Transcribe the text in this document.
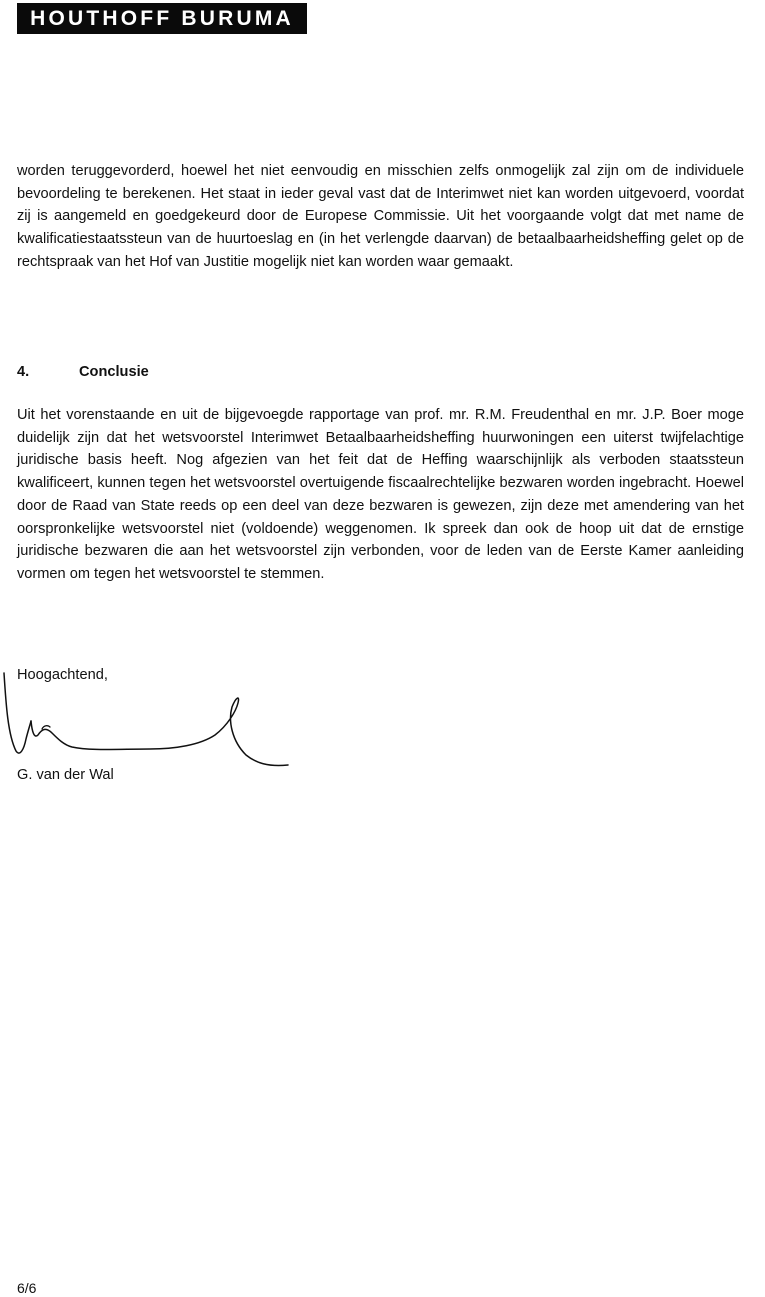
HOUTHOFF BURUMA

worden teruggevorderd, hoewel het niet eenvoudig en misschien zelfs onmogelijk zal zijn om de individuele bevoordeling te berekenen. Het staat in ieder geval vast dat de Interimwet niet kan worden uitgevoerd, voordat zij is aangemeld en goedgekeurd door de Europese Commissie. Uit het voorgaande volgt dat met name de kwalificatiestaatssteun van de huurtoeslag en (in het verlengde daarvan) de betaalbaarheidsheffing gelet op de rechtspraak van het Hof van Justitie mogelijk niet kan worden waar gemaakt.

4.	Conclusie

Uit het vorenstaande en uit de bijgevoegde rapportage van prof. mr. R.M. Freudenthal en mr. J.P. Boer moge duidelijk zijn dat het wetsvoorstel Interimwet Betaalbaarheidsheffing huurwoningen een uiterst twijfelachtige juridische basis heeft. Nog afgezien van het feit dat de Heffing waarschijnlijk als verboden staatssteun kwalificeert, kunnen tegen het wetsvoorstel overtuigende fiscaalrechtelijke bezwaren worden ingebracht. Hoewel door de Raad van State reeds op een deel van deze bezwaren is gewezen, zijn deze met amendering van het oorspronkelijke wetsvoorstel niet (voldoende) weggenomen. Ik spreek dan ook de hoop uit dat de ernstige juridische bezwaren die aan het wetsvoorstel zijn verbonden, voor de leden van de Eerste Kamer aanleiding vormen om tegen het wetsvoorstel te stemmen.

Hoogachtend,
G. van der Wal
6/6
